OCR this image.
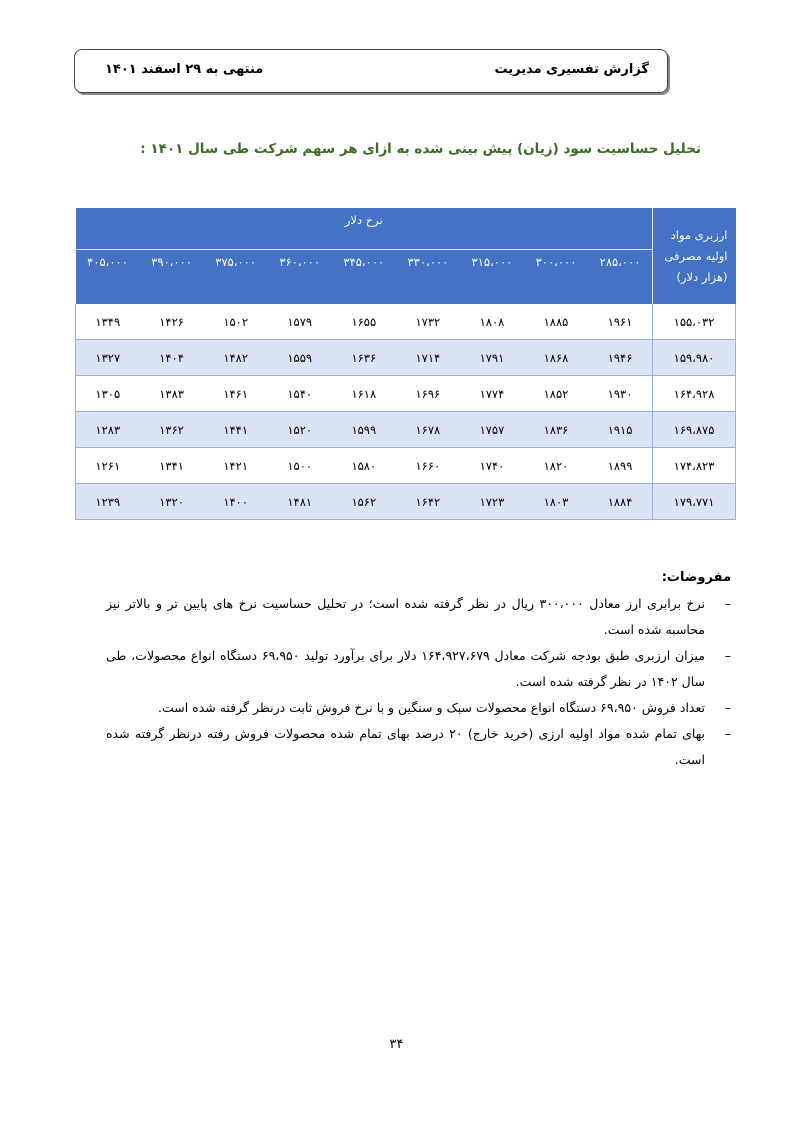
گزارش تفسیری مدیریت
منتهی به ۲۹ اسفند ۱۴۰۱
تحلیل حساسیت سود (زیان) پیش بینی شده به ازای هر سهم شرکت طی سال ۱۴۰۱ :
ارزبری مواد اولیه مصرفی (هزار دلار)	نرخ دلار								
	۲۸۵،۰۰۰	۳۰۰،۰۰۰	۳۱۵،۰۰۰	۳۳۰،۰۰۰	۳۴۵،۰۰۰	۳۶۰،۰۰۰	۳۷۵،۰۰۰	۳۹۰،۰۰۰	۴۰۵،۰۰۰
۱۵۵،۰۳۲	۱۹۶۱	۱۸۸۵	۱۸۰۸	۱۷۳۲	۱۶۵۵	۱۵۷۹	۱۵۰۲	۱۴۲۶	۱۳۴۹
۱۵۹،۹۸۰	۱۹۴۶	۱۸۶۸	۱۷۹۱	۱۷۱۴	۱۶۳۶	۱۵۵۹	۱۴۸۲	۱۴۰۴	۱۳۲۷
۱۶۴،۹۲۸	۱۹۳۰	۱۸۵۲	۱۷۷۴	۱۶۹۶	۱۶۱۸	۱۵۴۰	۱۴۶۱	۱۳۸۳	۱۳۰۵
۱۶۹،۸۷۵	۱۹۱۵	۱۸۳۶	۱۷۵۷	۱۶۷۸	۱۵۹۹	۱۵۲۰	۱۴۴۱	۱۳۶۲	۱۲۸۳
۱۷۴،۸۲۳	۱۸۹۹	۱۸۲۰	۱۷۴۰	۱۶۶۰	۱۵۸۰	۱۵۰۰	۱۴۲۱	۱۳۴۱	۱۲۶۱
۱۷۹،۷۷۱	۱۸۸۴	۱۸۰۳	۱۷۲۳	۱۶۴۲	۱۵۶۲	۱۴۸۱	۱۴۰۰	۱۳۲۰	۱۲۳۹
مفروضات:
–
نرخ برابری ارز معادل ۳۰۰،۰۰۰ ریال در نظر گرفته شده است؛ در تحلیل حساسیت نرخ های پایین تر و بالاتر نیز محاسبه شده است.
–
میزان ارزبری طبق بودجه شرکت معادل ۱۶۴،۹۲۷،۶۷۹ دلار برای برآورد تولید ۶۹،۹۵۰ دستگاه انواع محصولات، طی سال ۱۴۰۲ در نظر گرفته شده است.
–
تعداد فروش ۶۹،۹۵۰ دستگاه انواع محصولات سبک و سنگین و با نرخ فروش ثابت درنظر گرفته شده است.
–
بهای تمام شده مواد اولیه ارزی (خرید خارج) ۲۰ درصد بهای تمام شده محصولات فروش رفته درنظر گرفته شده است.
۳۴
